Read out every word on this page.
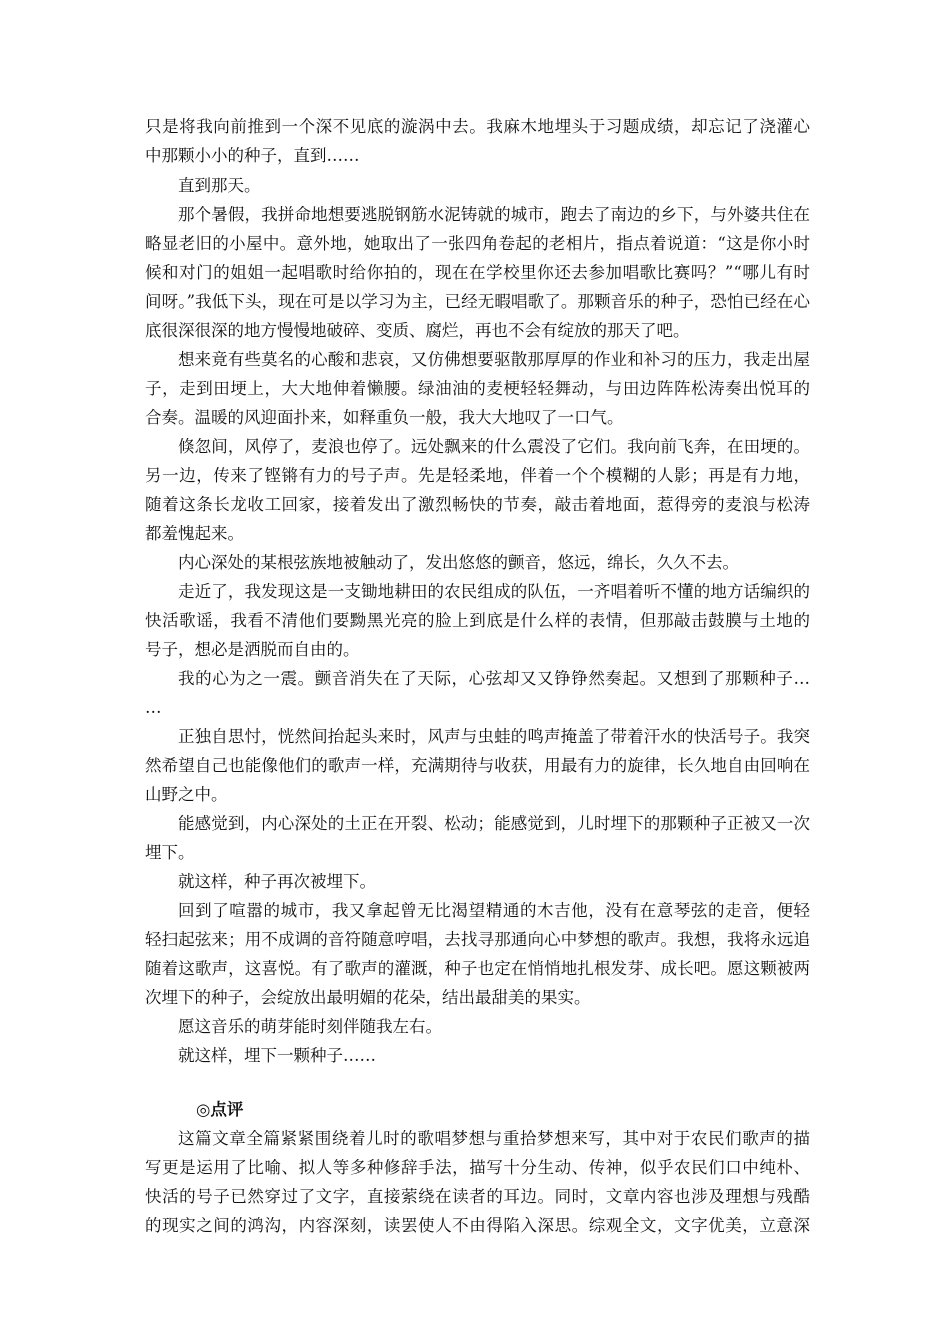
只是将我向前推到一个深不见底的漩涡中去。我麻木地埋头于习题成绩，却忘记了浇灌心
中那颗小小的种子，直到……
直到那天。
那个暑假，我拼命地想要逃脱钢筋水泥铸就的城市，跑去了南边的乡下，与外婆共住在
略显老旧的小屋中。意外地，她取出了一张四角卷起的老相片，指点着说道：“这是你小时
候和对门的姐姐一起唱歌时给你拍的，现在在学校里你还去参加唱歌比赛吗？”“哪儿有时
间呀。”我低下头，现在可是以学习为主，已经无暇唱歌了。那颗音乐的种子，恐怕已经在心
底很深很深的地方慢慢地破碎、变质、腐烂，再也不会有绽放的那天了吧。
想来竟有些莫名的心酸和悲哀，又仿佛想要驱散那厚厚的作业和补习的压力，我走出屋
子，走到田埂上，大大地伸着懒腰。绿油油的麦梗轻轻舞动，与田边阵阵松涛奏出悦耳的
合奏。温暖的风迎面扑来，如释重负一般，我大大地叹了一口气。
倏忽间，风停了，麦浪也停了。远处飘来的什么震没了它们。我向前飞奔，在田埂的。
另一边，传来了铿锵有力的号子声。先是轻柔地，伴着一个个模糊的人影；再是有力地，
随着这条长龙收工回家，接着发出了激烈畅快的节奏，敲击着地面，惹得旁的麦浪与松涛
都羞愧起来。
内心深处的某根弦族地被触动了，发出悠悠的颤音，悠远，绵长，久久不去。
走近了，我发现这是一支锄地耕田的农民组成的队伍，一齐唱着听不懂的地方话编织的
快活歌谣，我看不清他们要黝黑光亮的脸上到底是什么样的表情，但那敲击鼓膜与土地的
号子，想必是洒脱而自由的。
我的心为之一震。颤音消失在了天际，心弦却又又铮铮然奏起。又想到了那颗种子…
…
正独自思忖，恍然间抬起头来时，风声与虫蛙的鸣声掩盖了带着汗水的快活号子。我突
然希望自己也能像他们的歌声一样，充满期待与收获，用最有力的旋律，长久地自由回响在
山野之中。
能感觉到，内心深处的土正在开裂、松动；能感觉到，儿时埋下的那颗种子正被又一次
埋下。
就这样，种子再次被埋下。
回到了喧嚣的城市，我又拿起曾无比渴望精通的木吉他，没有在意琴弦的走音，便轻
轻扫起弦来；用不成调的音符随意哼唱，去找寻那通向心中梦想的歌声。我想，我将永远追
随着这歌声，这喜悦。有了歌声的灌溉，种子也定在悄悄地扎根发芽、成长吧。愿这颗被两
次埋下的种子，会绽放出最明媚的花朵，结出最甜美的果实。
愿这音乐的萌芽能时刻伴随我左右。
就这样，埋下一颗种子……
◎点评
这篇文章全篇紧紧围绕着儿时的歌唱梦想与重拾梦想来写，其中对于农民们歌声的描
写更是运用了比喻、拟人等多种修辞手法，描写十分生动、传神，似乎农民们口中纯朴、
快活的号子已然穿过了文字，直接萦绕在读者的耳边。同时，文章内容也涉及理想与残酷
的现实之间的鸿沟，内容深刻，读罢使人不由得陷入深思。综观全文，文字优美，立意深
